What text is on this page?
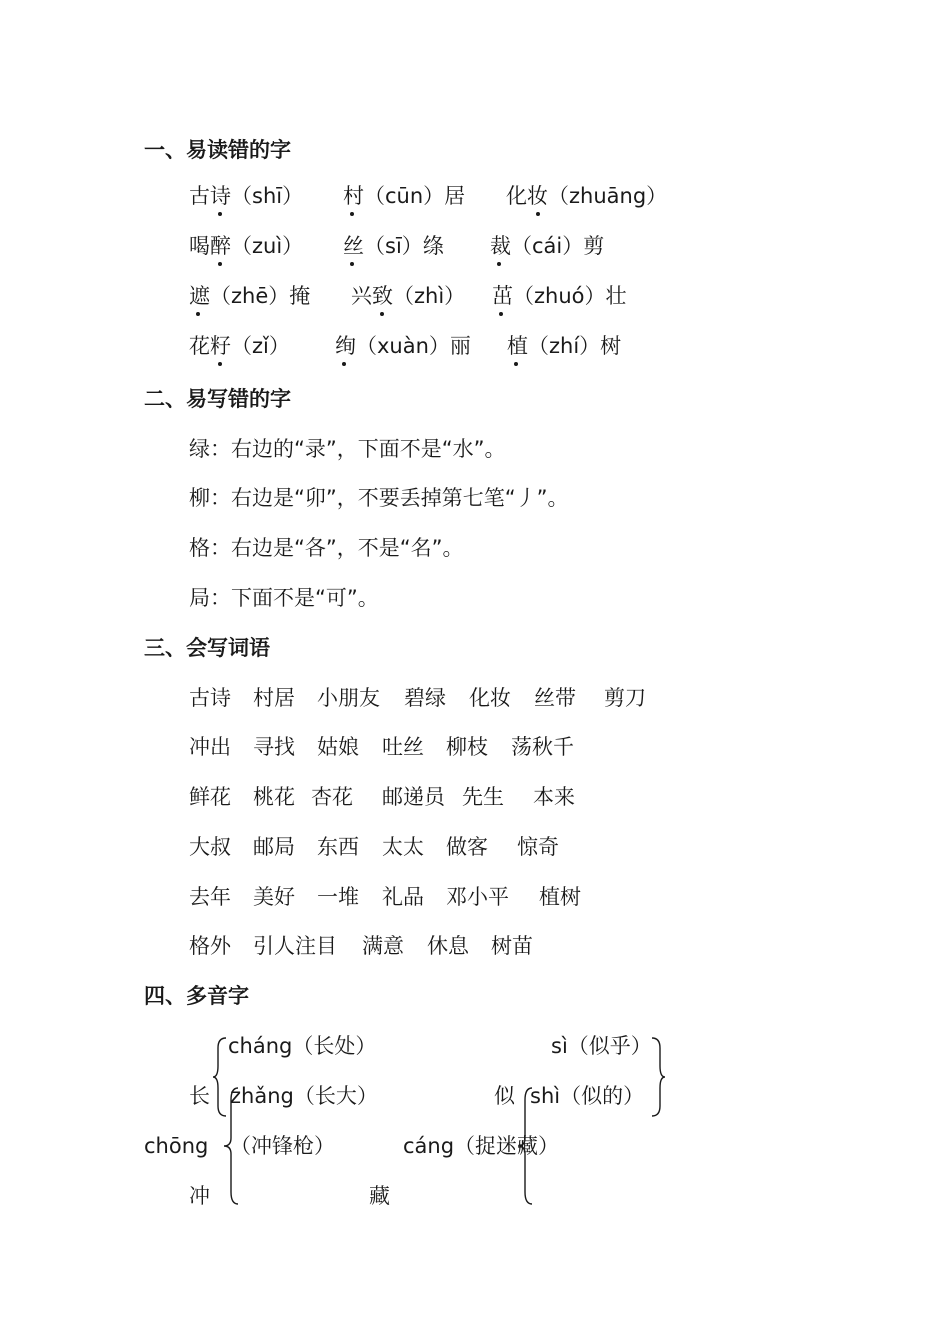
一、易读错的字
古诗（shī） 村（cūn）居 化妆（zhuāng）
喝醉（zuì） 丝（sī）绦 裁（cái）剪
遮（zhē）掩 兴致（zhì） 茁（zhuó）壮
花籽（zǐ） 绚（xuàn）丽 植（zhí）树
二、易写错的字
绿：右边的“录”，下面不是“水”。
柳：右边是“卯”，不要丢掉第七笔“丿”。
格：右边是“各”，不是“名”。
局：下面不是“可”。
三、会写词语
古诗 村居 小朋友 碧绿 化妆 丝带 剪刀
冲出 寻找 姑娘 吐丝 柳枝 荡秋千
鲜花 桃花 杏花 邮递员 先生 本来
大叔 邮局 东西 太太 做客 惊奇
去年 美好 一堆 礼品 邓小平 植树
格外 引人注目 满意 休息 树苗
四、多音字
长
cháng（长处）
zhǎng（长大）
sì（似乎）
似 shì（似的）
chōng （冲锋枪）
冲
cáng（捉迷藏）
藏
